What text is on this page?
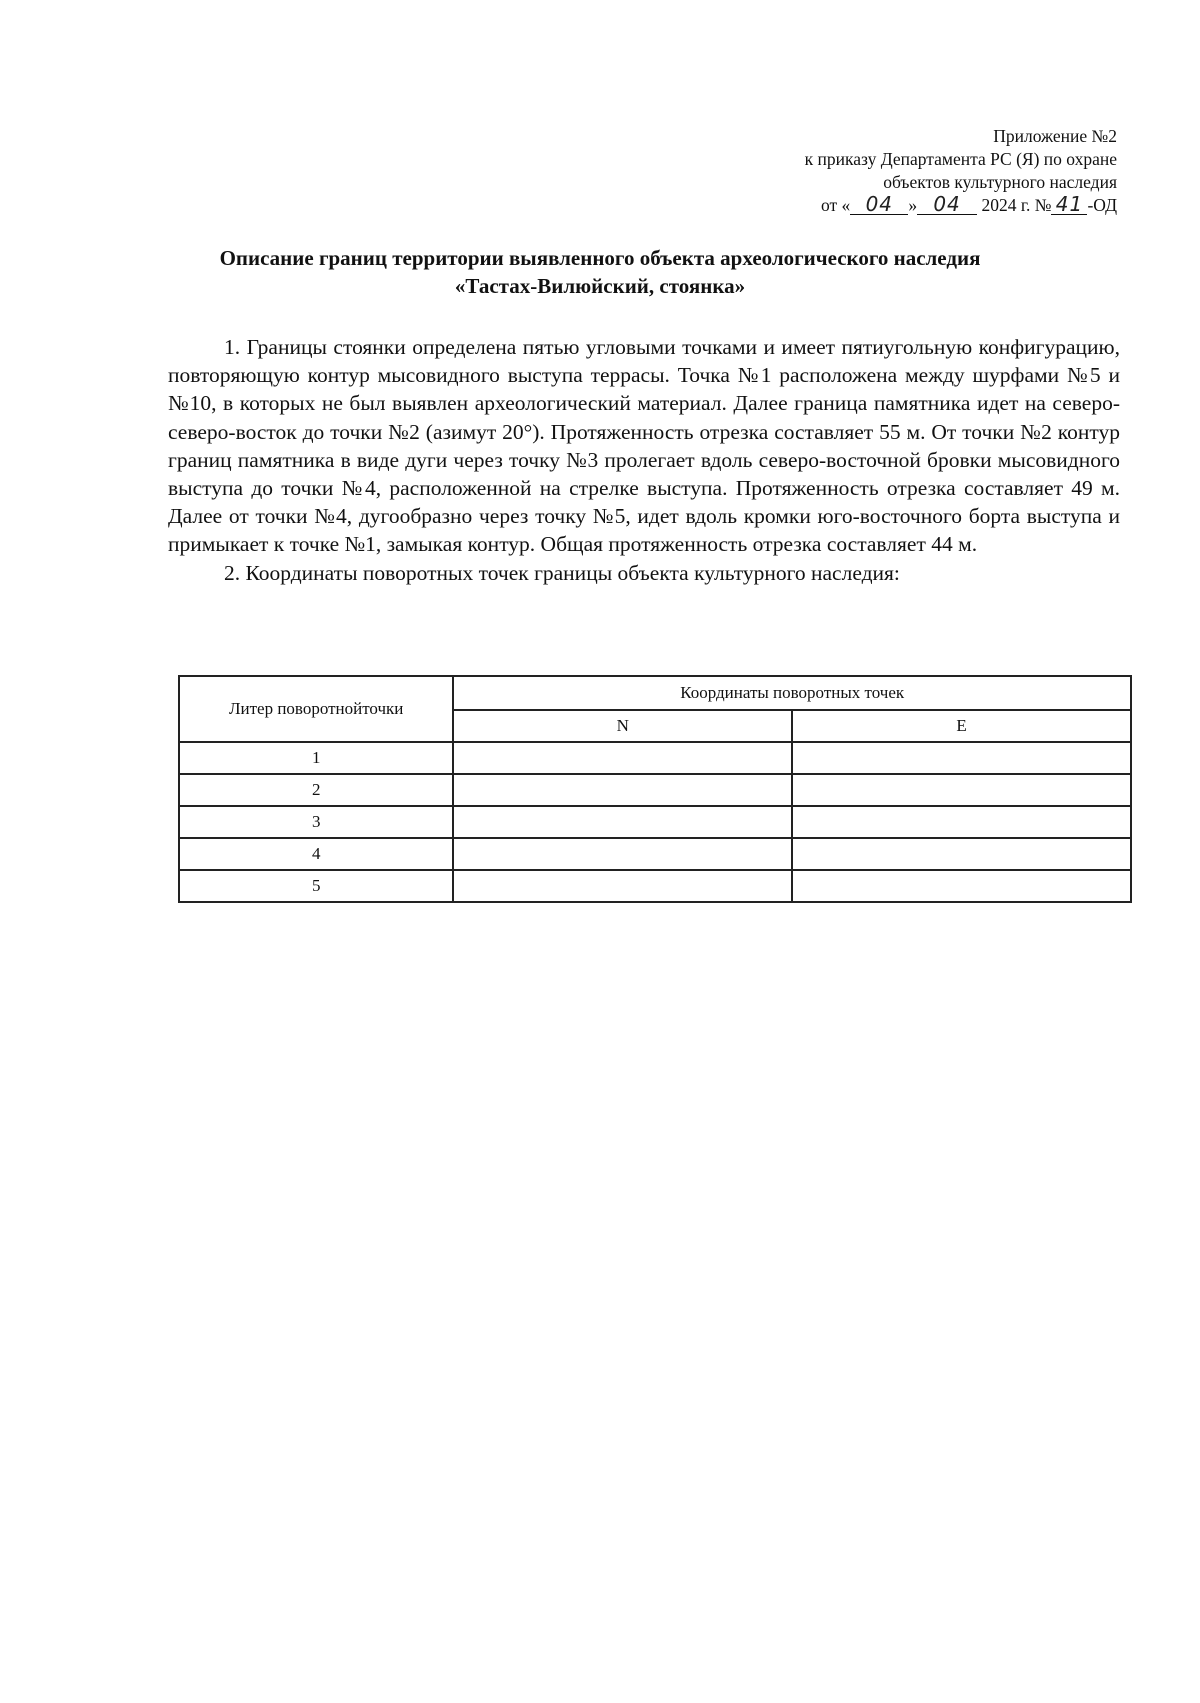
Приложение №2
к приказу Департамента РС (Я) по охране
объектов культурного наследия
от « 04 » 04 2024 г. № 41 -ОД
Описание границ территории выявленного объекта археологического наследия
«Тастах-Вилюйский, стоянка»

1. Границы стоянки определена пятью угловыми точками и имеет пятиугольную конфигурацию, повторяющую контур мысовидного выступа террасы. Точка №1 расположена между шурфами №5 и №10, в которых не был выявлен археологический материал. Далее граница памятника идет на северо-северо-восток до точки №2 (азимут 20°). Протяженность отрезка составляет 55 м. От точки №2 контур границ памятника в виде дуги через точку №3 пролегает вдоль северо-восточной бровки мысовидного выступа до точки №4, расположенной на стрелке выступа. Протяженность отрезка составляет 49 м. Далее от точки №4, дугообразно через точку №5, идет вдоль кромки юго-восточного борта выступа и примыкает к точке №1, замыкая контур. Общая протяженность отрезка составляет 44 м.

2. Координаты поворотных точек границы объекта культурного наследия:

Литер поворотнойточки	Координаты поворотных точек	
	N	E
1		
2		
3		
4		
5		
